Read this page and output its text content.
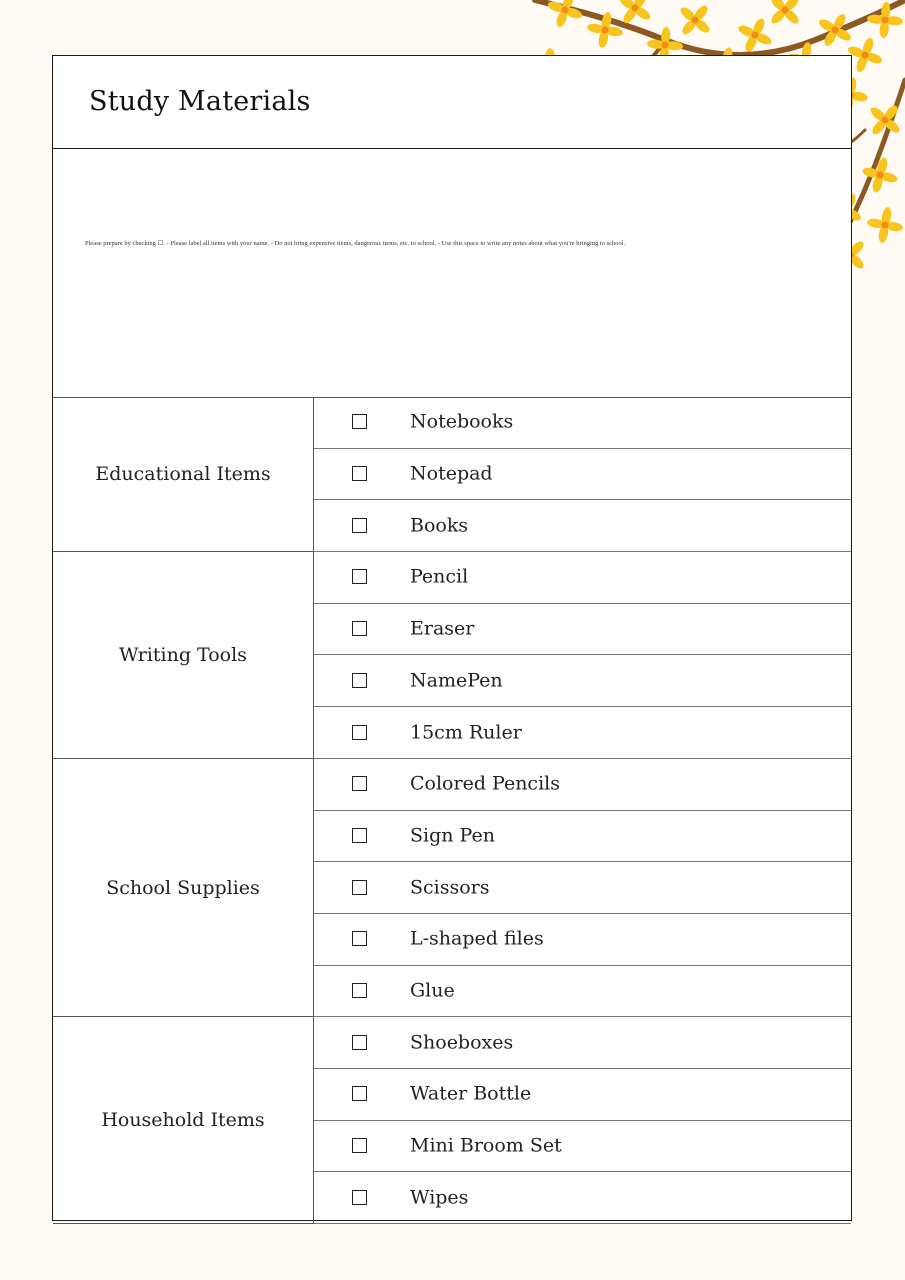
Study Materials
Please prepare by checking ☐. - Please label all items with your name. - Do not bring expensive items, dangerous items, etc. to school. - Use this space to write any notes about what you're bringing to school.
Educational Items
Notebooks
Notepad
Books
Writing Tools
Pencil
Eraser
NamePen
15cm Ruler
School Supplies
Colored Pencils
Sign Pen
Scissors
L-shaped files
Glue
Household Items
Shoeboxes
Water Bottle
Mini Broom Set
Wipes
